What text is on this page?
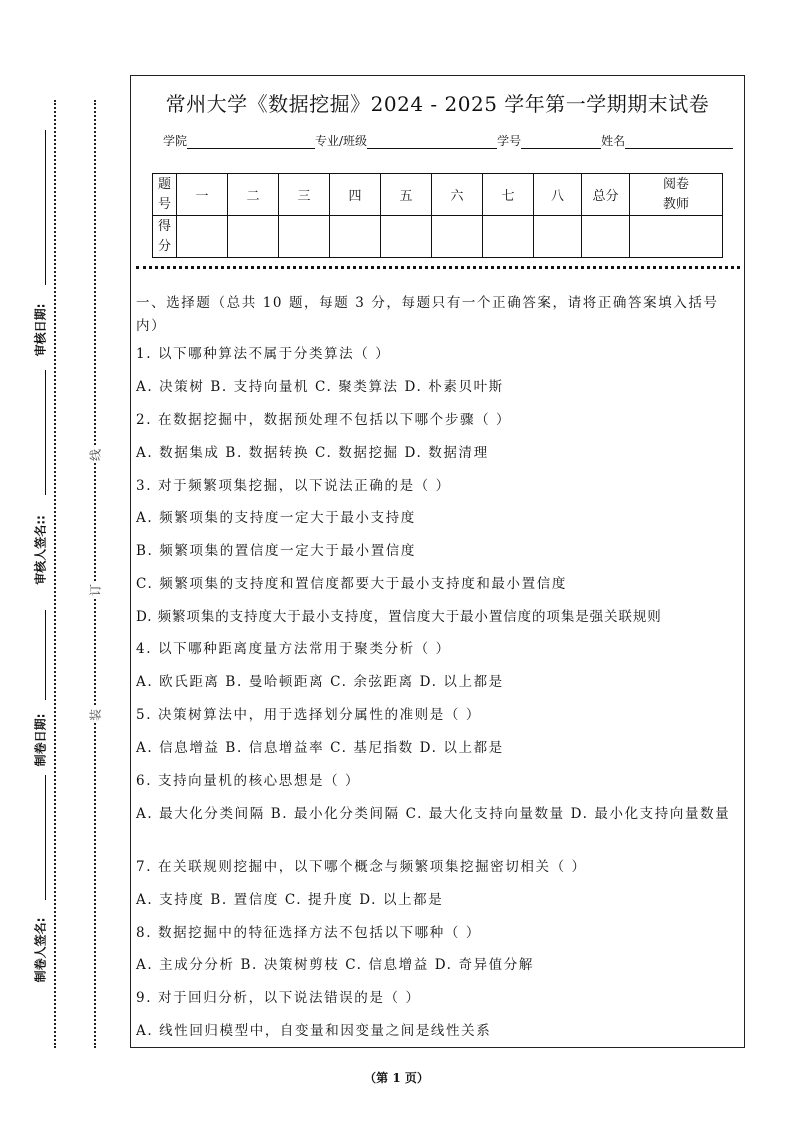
审核日期:
审核人签名::
制卷日期:
制卷人签名:
线
订
装
常州大学《数据挖掘》2024 - 2025 学年第一学期期末试卷
学院	专业/班级	学号	姓名
题号	一	二	三	四	五	六	七	八	总分	阅卷教师
得分										
一、选择题（总共 10 题，每题 3 分，每题只有一个正确答案，请将正确答案填入括号内）
1. 以下哪种算法不属于分类算法（ ）
A. 决策树 B. 支持向量机 C. 聚类算法 D. 朴素贝叶斯
2. 在数据挖掘中，数据预处理不包括以下哪个步骤（ ）
A. 数据集成 B. 数据转换 C. 数据挖掘 D. 数据清理
3. 对于频繁项集挖掘，以下说法正确的是（ ）
A. 频繁项集的支持度一定大于最小支持度
B. 频繁项集的置信度一定大于最小置信度
C. 频繁项集的支持度和置信度都要大于最小支持度和最小置信度
D. 频繁项集的支持度大于最小支持度，置信度大于最小置信度的项集是强关联规则
4. 以下哪种距离度量方法常用于聚类分析（ ）
A. 欧氏距离 B. 曼哈顿距离 C. 余弦距离 D. 以上都是
5. 决策树算法中，用于选择划分属性的准则是（ ）
A. 信息增益 B. 信息增益率 C. 基尼指数 D. 以上都是
6. 支持向量机的核心思想是（ ）
A. 最大化分类间隔 B. 最小化分类间隔 C. 最大化支持向量数量 D. 最小化支持向量数量
7. 在关联规则挖掘中，以下哪个概念与频繁项集挖掘密切相关（ ）
A. 支持度 B. 置信度 C. 提升度 D. 以上都是
8. 数据挖掘中的特征选择方法不包括以下哪种（ ）
A. 主成分分析 B. 决策树剪枝 C. 信息增益 D. 奇异值分解
9. 对于回归分析，以下说法错误的是（ ）
A. 线性回归模型中，自变量和因变量之间是线性关系
（第 1 页）
